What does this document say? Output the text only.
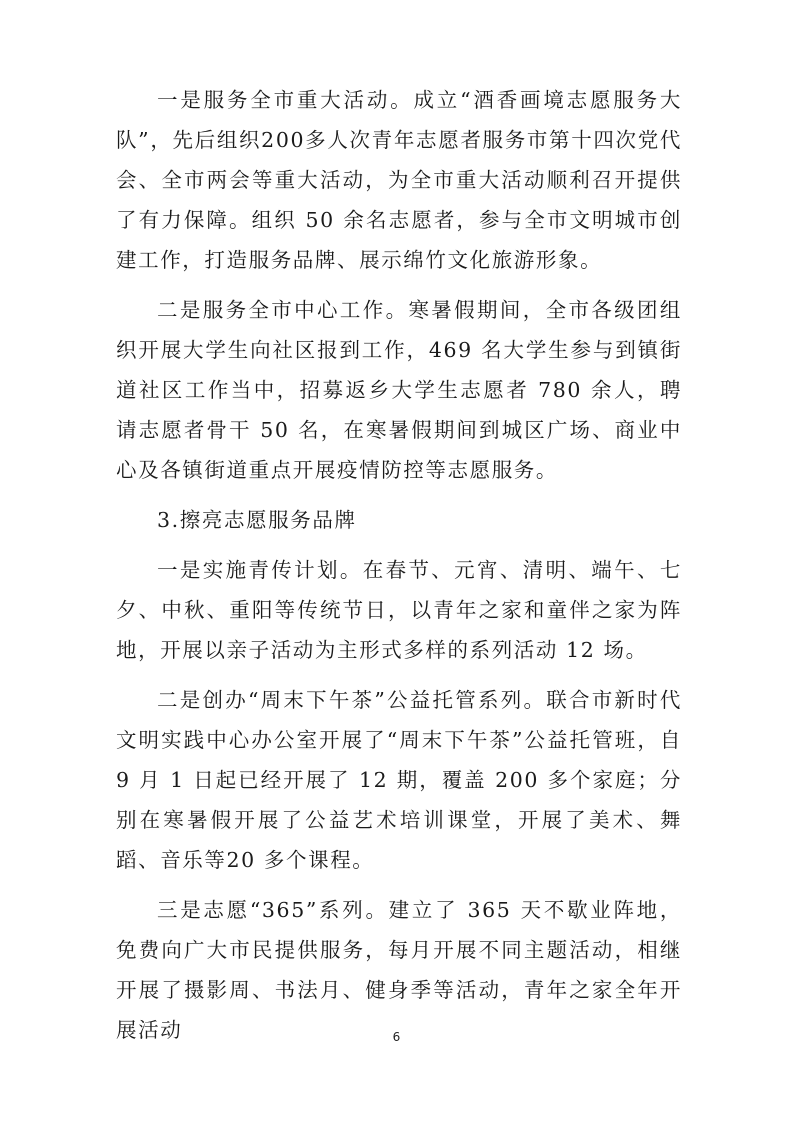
一是服务全市重大活动。成立“酒香画境志愿服务大队”，先后组织200多人次青年志愿者服务市第十四次党代会、全市两会等重大活动，为全市重大活动顺利召开提供了有力保障。组织 50 余名志愿者，参与全市文明城市创建工作，打造服务品牌、展示绵竹文化旅游形象。

二是服务全市中心工作。寒暑假期间，全市各级团组织开展大学生向社区报到工作，469 名大学生参与到镇街道社区工作当中，招募返乡大学生志愿者 780 余人，聘请志愿者骨干 50 名，在寒暑假期间到城区广场、商业中心及各镇街道重点开展疫情防控等志愿服务。

3.擦亮志愿服务品牌

一是实施青传计划。在春节、元宵、清明、端午、七夕、中秋、重阳等传统节日，以青年之家和童伴之家为阵地，开展以亲子活动为主形式多样的系列活动 12 场。

二是创办“周末下午茶”公益托管系列。联合市新时代文明实践中心办公室开展了“周末下午茶”公益托管班，自9 月 1 日起已经开展了 12 期，覆盖 200 多个家庭；分别在寒暑假开展了公益艺术培训课堂，开展了美术、舞蹈、音乐等20 多个课程。

三是志愿“365”系列。建立了 365 天不歇业阵地，免费向广大市民提供服务，每月开展不同主题活动，相继开展了摄影周、书法月、健身季等活动，青年之家全年开展活动	6
